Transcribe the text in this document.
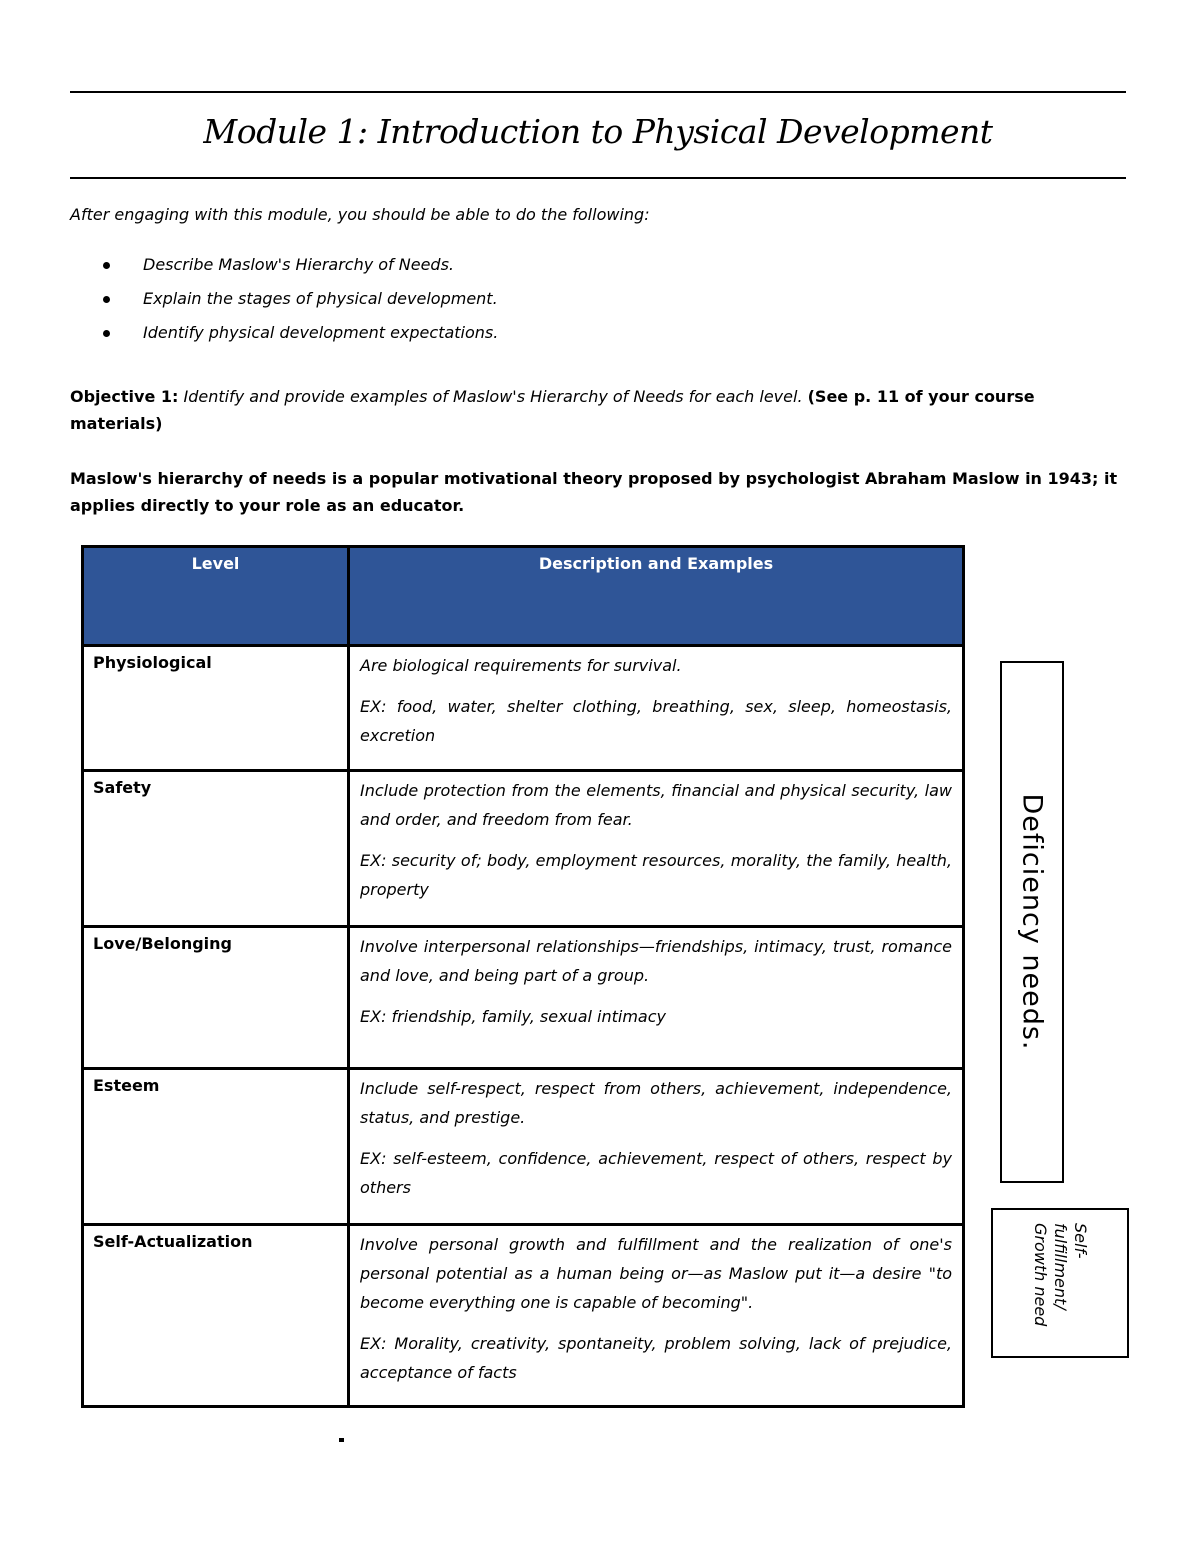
Module 1: Introduction to Physical Development
After engaging with this module, you should be able to do the following:
Describe Maslow's Hierarchy of Needs.
Explain the stages of physical development.
Identify physical development expectations.
Objective 1: Identify and provide examples of Maslow's Hierarchy of Needs for each level. (See p. 11 of your course materials)
Maslow's hierarchy of needs is a popular motivational theory proposed by psychologist Abraham Maslow in 1943; it applies directly to your role as an educator.
Level	Description and Examples
Physiological	Are biological requirements for survival.

EX: food, water, shelter clothing, breathing, sex, sleep, homeostasis, excretion

Safety	Include protection from the elements, financial and physical security, law and order, and freedom from fear.

EX: security of; body, employment resources, morality, the family, health, property

Love/Belonging	Involve interpersonal relationships—friendships, intimacy, trust, romance and love, and being part of a group.

EX: friendship, family, sexual intimacy

Esteem	Include self-respect, respect from others, achievement, independence, status, and prestige.

EX: self-esteem, confidence, achievement, respect of others, respect by others

Self-Actualization	Involve personal growth and fulfillment and the realization of one's personal potential as a human being or—as Maslow put it—a desire "to become everything one is capable of becoming".

EX: Morality, creativity, spontaneity, problem solving, lack of prejudice, acceptance of facts

Deficiency needs.
Self-fulfillment/ Growth need
